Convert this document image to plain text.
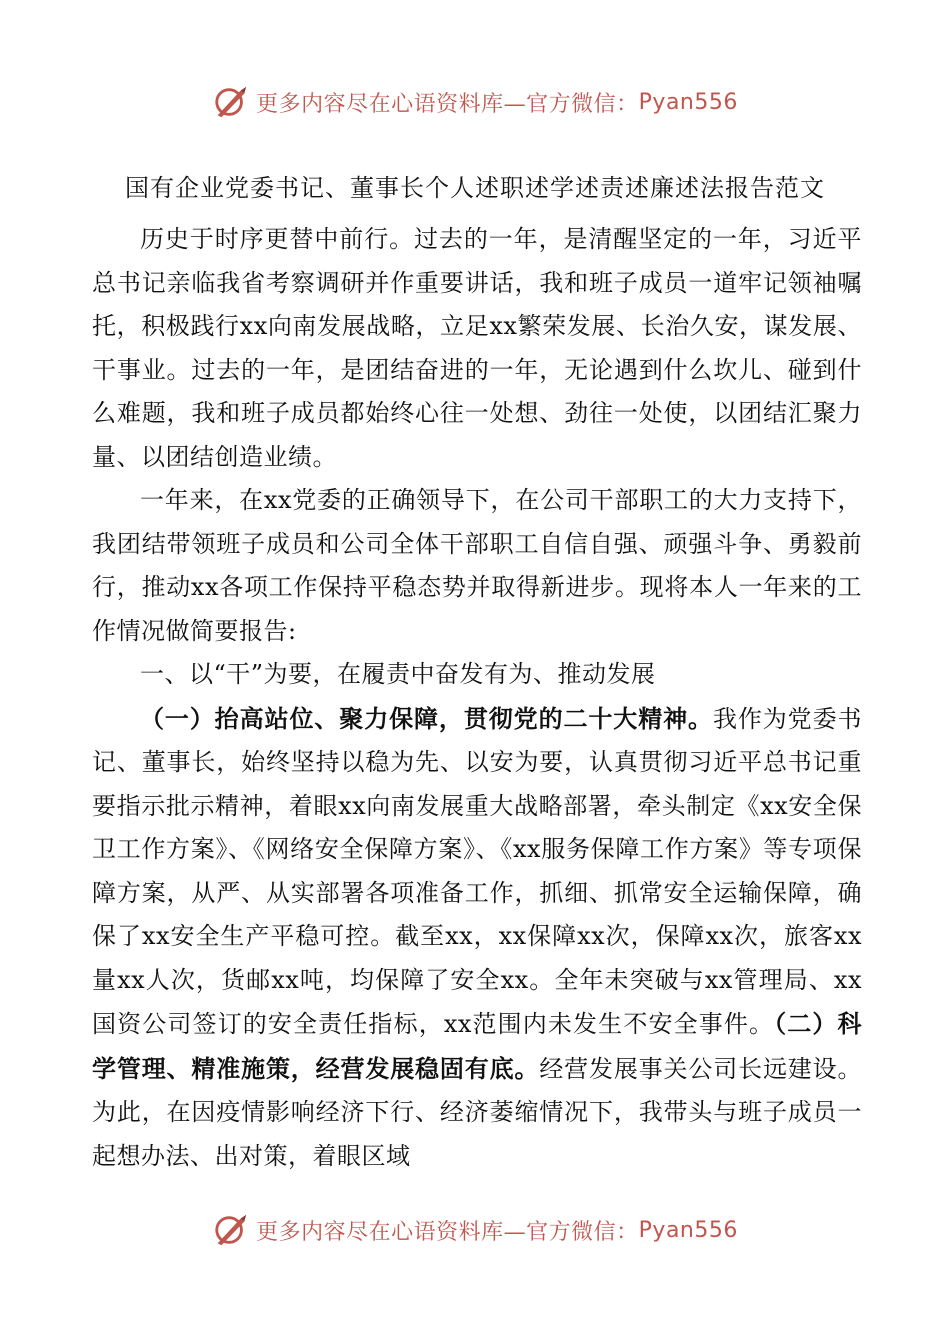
更多内容尽在心语资料库—官方微信： Pyan556
国有企业党委书记、董事长个人述职述学述责述廉述法报告范文

历史于时序更替中前行。过去的一年，是清醒坚定的一年，习近平总书记亲临我省考察调研并作重要讲话，我和班子成员一道牢记领袖嘱托，积极践行xx向南发展战略，立足xx繁荣发展、长治久安，谋发展、干事业。过去的一年，是团结奋进的一年，无论遇到什么坎儿、碰到什么难题，我和班子成员都始终心往一处想、劲往一处使，以团结汇聚力量、以团结创造业绩。

一年来，在xx党委的正确领导下，在公司干部职工的大力支持下，我团结带领班子成员和公司全体干部职工自信自强、顽强斗争、勇毅前行，推动xx各项工作保持平稳态势并取得新进步。现将本人一年来的工作情况做简要报告:

一、以“干”为要，在履责中奋发有为、推动发展

（一）抬高站位、聚力保障，贯彻党的二十大精神。我作为党委书记、董事长，始终坚持以稳为先、以安为要，认真贯彻习近平总书记重要指示批示精神，着眼xx向南发展重大战略部署，牵头制定《xx安全保卫工作方案》、《网络安全保障方案》、《xx服务保障工作方案》等专项保障方案，从严、从实部署各项准备工作，抓细、抓常安全运输保障，确保了xx安全生产平稳可控。截至xx，xx保障xx次，保障xx次，旅客xx量xx人次，货邮xx吨，均保障了安全xx。全年未突破与xx管理局、xx国资公司签订的安全责任指标，xx范围内未发生不安全事件。（二）科学管理、精准施策，经营发展稳固有底。经营发展事关公司长远建设。为此，在因疫情影响经济下行、经济萎缩情况下，我带头与班子成员一起想办法、出对策，着眼区域

更多内容尽在心语资料库—官方微信： Pyan556
